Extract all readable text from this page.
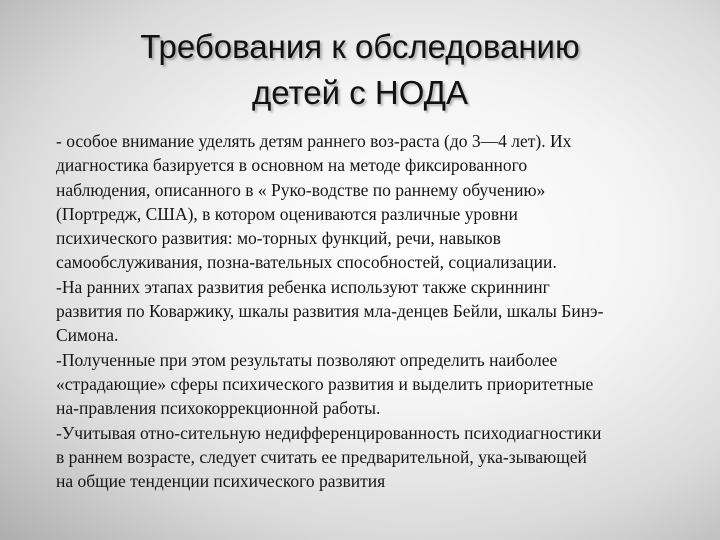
Требования к обследованию
детей с НОДА
- особое внимание уделять детям раннего воз-раста (до 3—4 лет). Их
диагностика базируется в основном на методе фиксированного
наблюдения, описанного в « Руко-водстве по раннему обучению»
(Портредж, США), в котором оцениваются различные уровни
психического развития: мо-торных функций, речи, навыков
самообслуживания, позна-вательных способностей, социализации.
-На ранних этапах развития ребенка используют также скриннинг
развития по Коваржику, шкалы развития мла-денцев Бейли, шкалы Бинэ-
Симона.
-Полученные при этом результаты позволяют определить наиболее
«страдающие» сферы психического развития и выделить приоритетные
на-правления психокоррекционной работы.
-Учитывая отно-сительную недифференцированность психодиагностики
в раннем возрасте, следует считать ее предварительной, ука-зывающей
на общие тенденции психического развития
